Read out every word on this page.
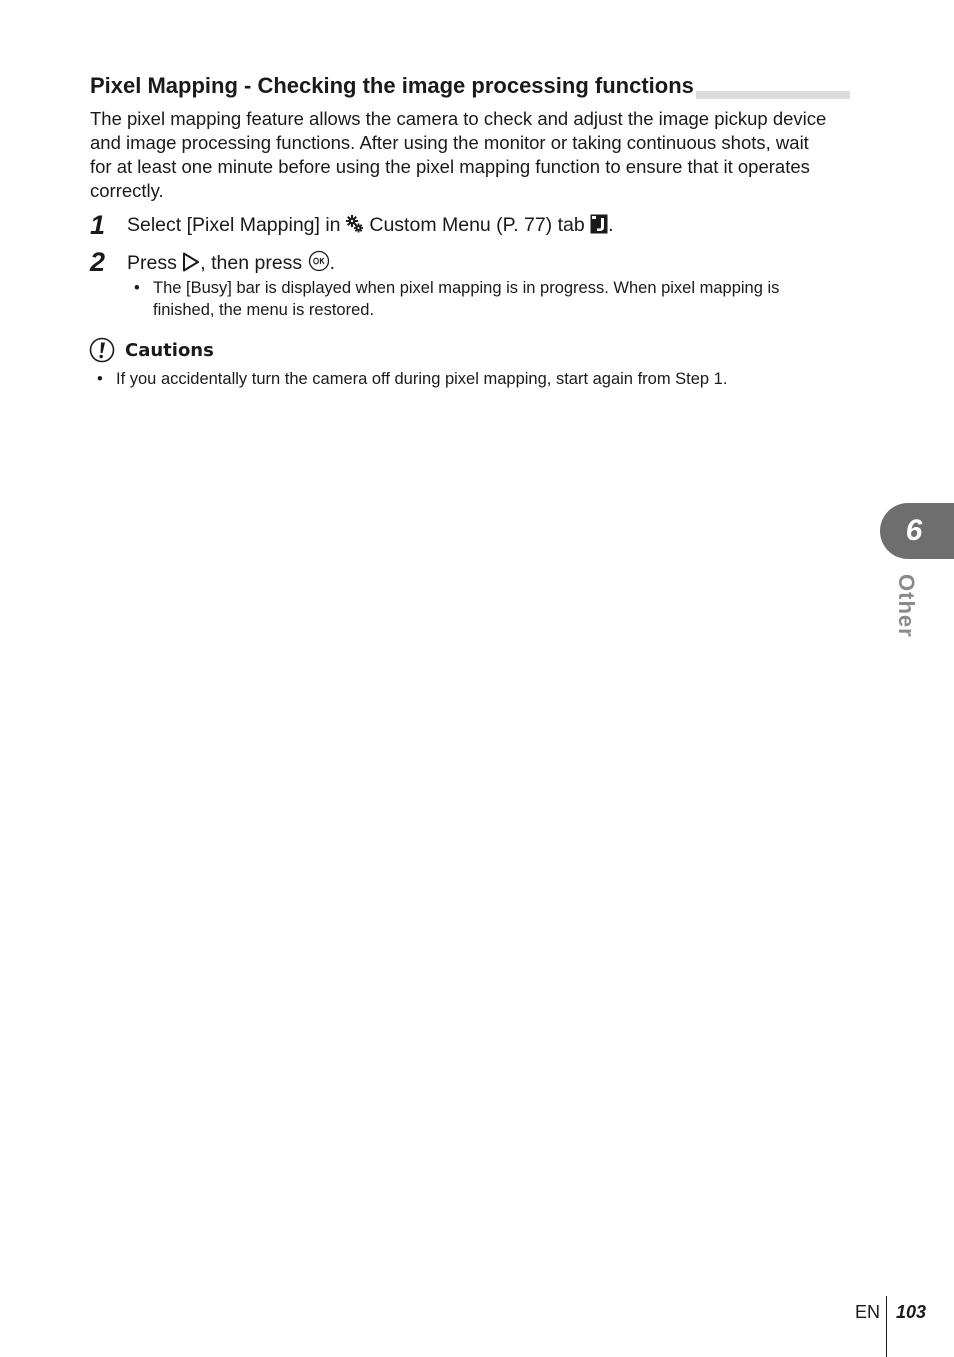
Pixel Mapping - Checking the image processing functions
The pixel mapping feature allows the camera to check and adjust the image pickup device and image processing functions. After using the monitor or taking continuous shots, wait for at least one minute before using the pixel mapping function to ensure that it operates correctly.
1 Select [Pixel Mapping] in Custom Menu (P. 77) tab .
2 Press , then press .
• The [Busy] bar is displayed when pixel mapping is in progress. When pixel mapping is finished, the menu is restored.
Cautions
• If you accidentally turn the camera off during pixel mapping, start again from Step 1.
6
Other
EN 103
